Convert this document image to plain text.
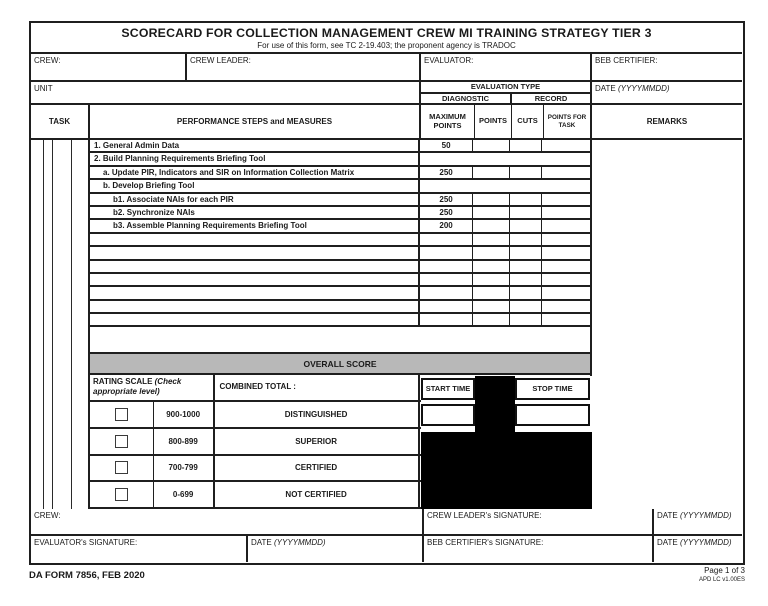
SCORECARD FOR COLLECTION MANAGEMENT CREW MI TRAINING STRATEGY TIER 3
For use of this form, see TC 2-19.403; the proponent agency is TRADOC
CREW:	CREW LEADER:	EVALUATOR:	BEB CERTIFIER:
UNIT	EVALUATION TYPE
DIAGNOSTIC	RECORD
DATE (YYYYMMDD)
TASK	PERFORMANCE STEPS and MEASURES
MAXIMUM
POINTS	POINTS	CUTS	POINTS FOR
TASK	REMARKS
1. General Admin Data	50
2. Build Planning Requirements Briefing Tool
a. Update PIR, Indicators and SIR on Information Collection Matrix	250
b. Develop Briefing Tool
b1. Associate NAIs for each PIR	250
b2. Synchronize NAIs	250
b3. Assemble Planning Requirements Briefing Tool	200
OVERALL SCORE
RATING SCALE (Check appropriate level)
COMBINED TOTAL :
900-1000	DISTINGUISHED
800-899	SUPERIOR
700-799	CERTIFIED
0-699	NOT CERTIFIED
START TIME	STOP TIME
CREW:	CREW LEADER's SIGNATURE:	DATE (YYYYMMDD)
EVALUATOR's SIGNATURE:	DATE (YYYYMMDD)	BEB CERTIFIER's SIGNATURE:	DATE (YYYYMMDD)
DA FORM 7856, FEB 2020	Page 1 of 3
APD LC v1.00ES
